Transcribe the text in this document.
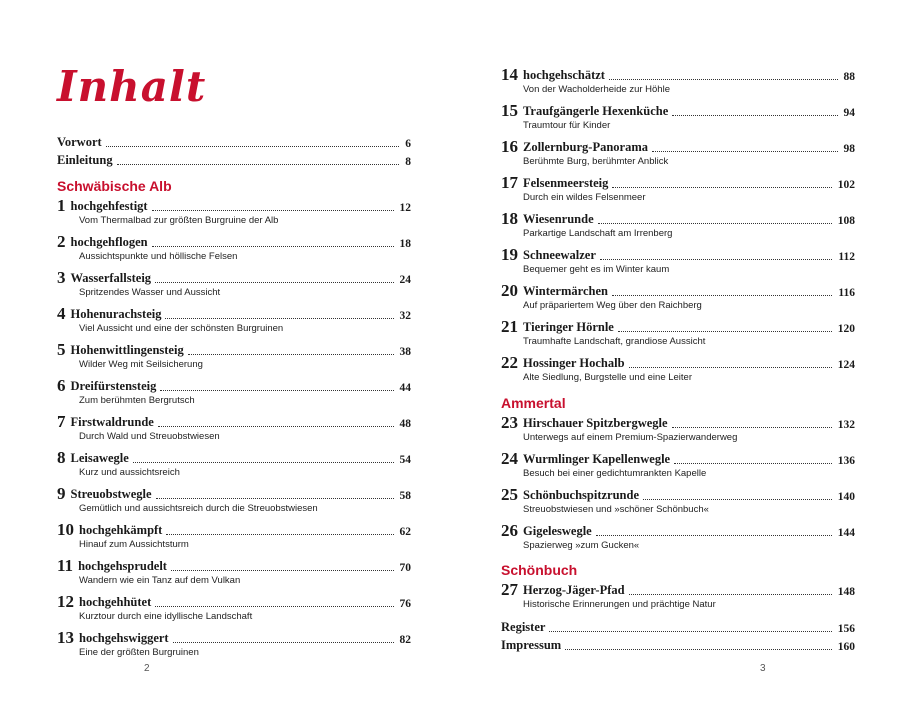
Inhalt
Vorwort	6
Einleitung	8
Schwäbische Alb
1 hochgehfestigt	12
Vom Thermalbad zur größten Burgruine der Alb
2 hochgehflogen	18
Aussichtspunkte und höllische Felsen
3 Wasserfallsteig	24
Spritzendes Wasser und Aussicht
4 Hohenurachsteig	32
Viel Aussicht und eine der schönsten Burgruinen
5 Hohenwittlingensteig	38
Wilder Weg mit Seilsicherung
6 Dreifürstensteig	44
Zum berühmten Bergrutsch
7 Firstwaldrunde	48
Durch Wald und Streuobstwiesen
8 Leisawegle	54
Kurz und aussichtsreich
9 Streuobstwegle	58
Gemütlich und aussichtsreich durch die Streuobstwiesen
10 hochgehkämpft	62
Hinauf zum Aussichtsturm
11 hochgehsprudelt	70
Wandern wie ein Tanz auf dem Vulkan
12 hochgehhütet	76
Kurztour durch eine idyllische Landschaft
13 hochgehswiggert	82
Eine der größten Burgruinen
2
14 hochgehschätzt	88
Von der Wacholderheide zur Höhle
15 Traufgängerle Hexenküche	94
Traumtour für Kinder
16 Zollernburg-Panorama	98
Berühmte Burg, berühmter Anblick
17 Felsenmeersteig	102
Durch ein wildes Felsenmeer
18 Wiesenrunde	108
Parkartige Landschaft am Irrenberg
19 Schneewalzer	112
Bequemer geht es im Winter kaum
20 Wintermärchen	116
Auf präpariertem Weg über den Raichberg
21 Tieringer Hörnle	120
Traumhafte Landschaft, grandiose Aussicht
22 Hossinger Hochalb	124
Alte Siedlung, Burgstelle und eine Leiter
Ammertal
23 Hirschauer Spitzbergwegle	132
Unterwegs auf einem Premium-Spazierwanderweg
24 Wurmlinger Kapellenwegle	136
Besuch bei einer gedichtumrankten Kapelle
25 Schönbuchspitzrunde	140
Streuobstwiesen und »schöner Schönbuch«
26 Gigeleswegle	144
Spazierweg »zum Gucken«
Schönbuch
27 Herzog-Jäger-Pfad	148
Historische Erinnerungen und prächtige Natur
Register	156
Impressum	160
3
